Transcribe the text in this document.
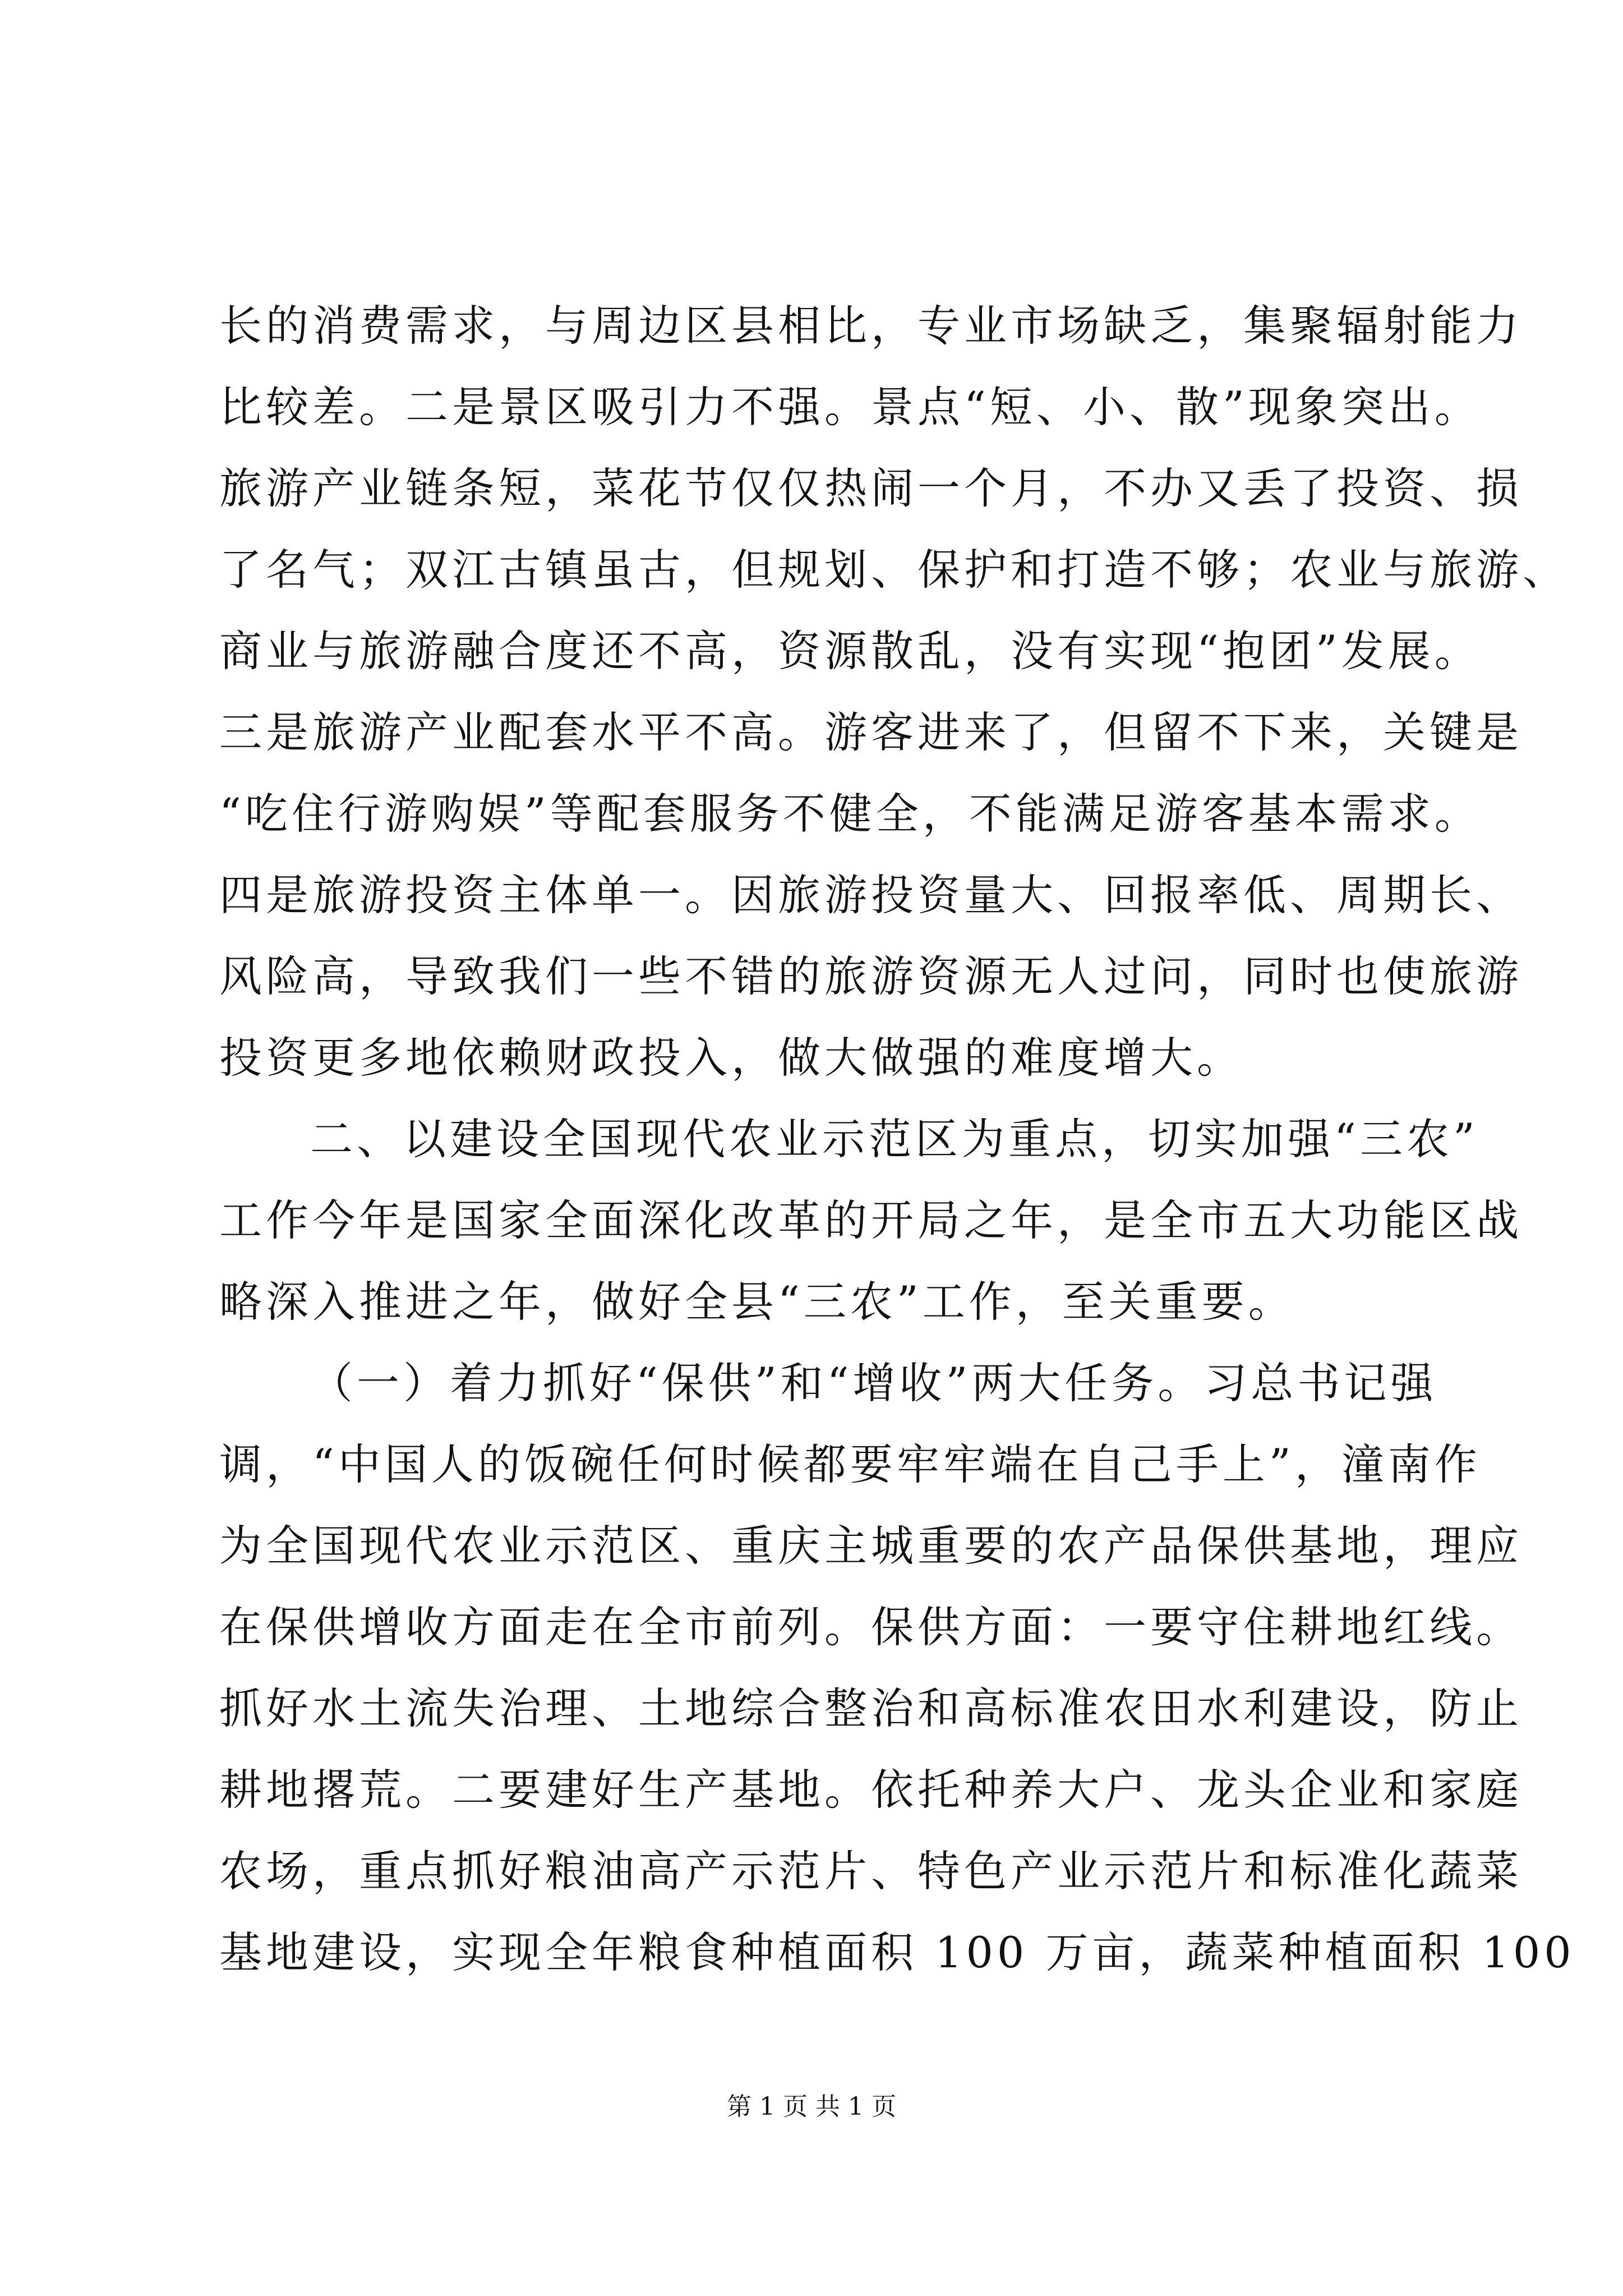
长的消费需求，与周边区县相比，专业市场缺乏，集聚辐射能力
比较差。二是景区吸引力不强。景点“短、小、散”现象突出。
旅游产业链条短，菜花节仅仅热闹一个月，不办又丢了投资、损
了名气；双江古镇虽古，但规划、保护和打造不够；农业与旅游、
商业与旅游融合度还不高，资源散乱，没有实现“抱团”发展。
三是旅游产业配套水平不高。游客进来了，但留不下来，关键是
“吃住行游购娱”等配套服务不健全，不能满足游客基本需求。
四是旅游投资主体单一。因旅游投资量大、回报率低、周期长、
风险高，导致我们一些不错的旅游资源无人过问，同时也使旅游
投资更多地依赖财政投入，做大做强的难度增大。
二、以建设全国现代农业示范区为重点，切实加强“三农”
工作今年是国家全面深化改革的开局之年，是全市五大功能区战
略深入推进之年，做好全县“三农”工作，至关重要。
（一）着力抓好“保供”和“增收”两大任务。习总书记强
调，“中国人的饭碗任何时候都要牢牢端在自己手上”，潼南作
为全国现代农业示范区、重庆主城重要的农产品保供基地，理应
在保供增收方面走在全市前列。保供方面：一要守住耕地红线。
抓好水土流失治理、土地综合整治和高标准农田水利建设，防止
耕地撂荒。二要建好生产基地。依托种养大户、龙头企业和家庭
农场，重点抓好粮油高产示范片、特色产业示范片和标准化蔬菜
基地建设，实现全年粮食种植面积 100 万亩，蔬菜种植面积 100
第 1 页 共 1 页
